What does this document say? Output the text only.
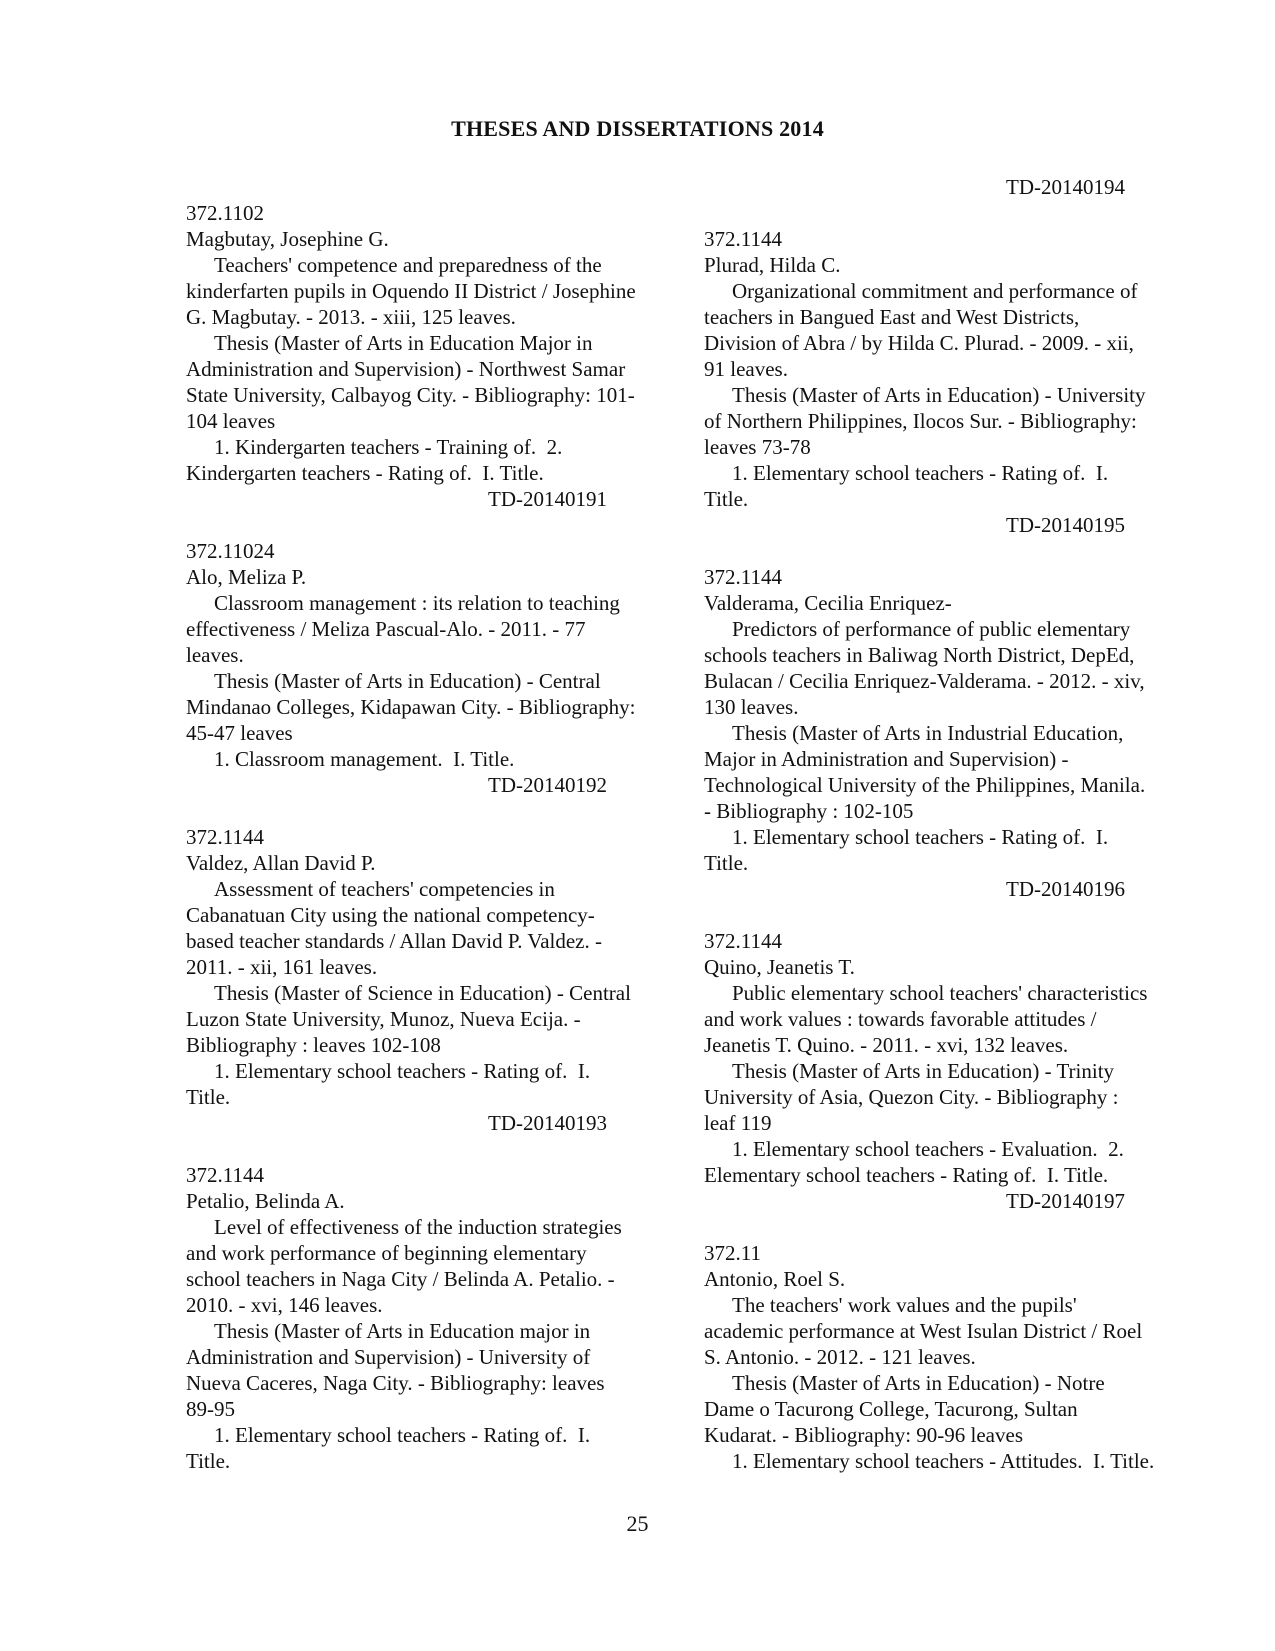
THESES AND DISSERTATIONS 2014
372.1102
Magbutay, Josephine G.
Teachers' competence and preparedness of the
kinderfarten pupils in Oquendo II District / Josephine
G. Magbutay. - 2013. - xiii, 125 leaves.
Thesis (Master of Arts in Education Major in
Administration and Supervision) - Northwest Samar
State University, Calbayog City. - Bibliography: 101-
104 leaves
1. Kindergarten teachers - Training of.  2.
Kindergarten teachers - Rating of.  I. Title.
TD-20140191
372.11024
Alo, Meliza P.
Classroom management : its relation to teaching
effectiveness / Meliza Pascual-Alo. - 2011. - 77
leaves.
Thesis (Master of Arts in Education) - Central
Mindanao Colleges, Kidapawan City. - Bibliography:
45-47 leaves
1. Classroom management.  I. Title.
TD-20140192
372.1144
Valdez, Allan David P.
Assessment of teachers' competencies in
Cabanatuan City using the national competency-
based teacher standards / Allan David P. Valdez. -
2011. - xii, 161 leaves.
Thesis (Master of Science in Education) - Central
Luzon State University, Munoz, Nueva Ecija. -
Bibliography : leaves 102-108
1. Elementary school teachers - Rating of.  I.
Title.
TD-20140193
372.1144
Petalio, Belinda A.
Level of effectiveness of the induction strategies
and work performance of beginning elementary
school teachers in Naga City / Belinda A. Petalio. -
2010. - xvi, 146 leaves.
Thesis (Master of Arts in Education major in
Administration and Supervision) - University of
Nueva Caceres, Naga City. - Bibliography: leaves
89-95
1. Elementary school teachers - Rating of.  I.
Title.
TD-20140194
372.1144
Plurad, Hilda C.
Organizational commitment and performance of
teachers in Bangued East and West Districts,
Division of Abra / by Hilda C. Plurad. - 2009. - xii,
91 leaves.
Thesis (Master of Arts in Education) - University
of Northern Philippines, Ilocos Sur. - Bibliography:
leaves 73-78
1. Elementary school teachers - Rating of.  I.
Title.
TD-20140195
372.1144
Valderama, Cecilia Enriquez-
Predictors of performance of public elementary
schools teachers in Baliwag North District, DepEd,
Bulacan / Cecilia Enriquez-Valderama. - 2012. - xiv,
130 leaves.
Thesis (Master of Arts in Industrial Education,
Major in Administration and Supervision) -
Technological University of the Philippines, Manila.
- Bibliography : 102-105
1. Elementary school teachers - Rating of.  I.
Title.
TD-20140196
372.1144
Quino, Jeanetis T.
Public elementary school teachers' characteristics
and work values : towards favorable attitudes /
Jeanetis T. Quino. - 2011. - xvi, 132 leaves.
Thesis (Master of Arts in Education) - Trinity
University of Asia, Quezon City. - Bibliography :
leaf 119
1. Elementary school teachers - Evaluation.  2.
Elementary school teachers - Rating of.  I. Title.
TD-20140197
372.11
Antonio, Roel S.
The teachers' work values and the pupils'
academic performance at West Isulan District / Roel
S. Antonio. - 2012. - 121 leaves.
Thesis (Master of Arts in Education) - Notre
Dame o Tacurong College, Tacurong, Sultan
Kudarat. - Bibliography: 90-96 leaves
1. Elementary school teachers - Attitudes.  I. Title.
25
